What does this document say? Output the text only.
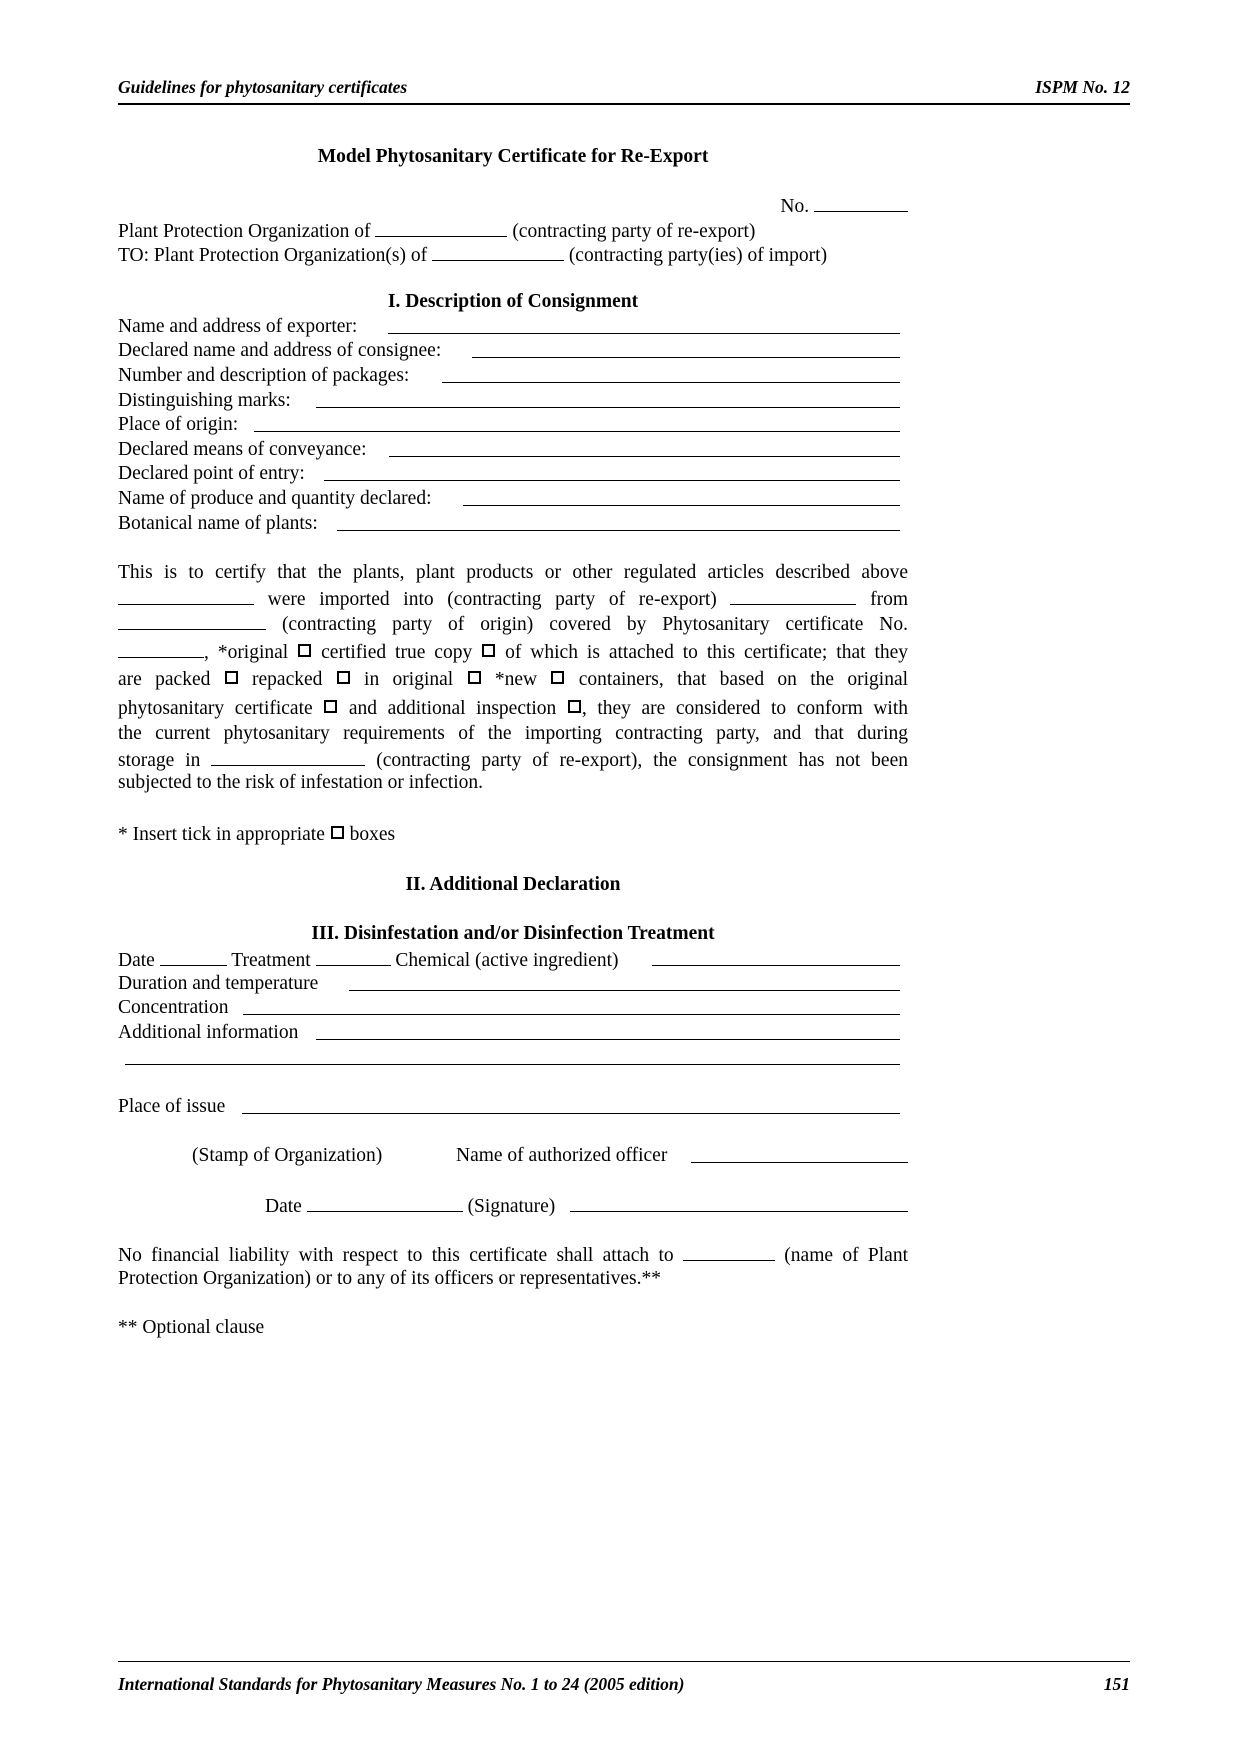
Guidelines for phytosanitary certificates	ISPM No. 12
Model Phytosanitary Certificate for Re-Export
No.
Plant Protection Organization of	(contracting party of re-export)
TO: Plant Protection Organization(s) of	(contracting party(ies) of import)
I. Description of Consignment
Name and address of exporter:
Declared name and address of consignee:
Number and description of packages:
Distinguishing marks:
Place of origin:
Declared means of conveyance:
Declared point of entry:
Name of produce and quantity declared:
Botanical name of plants:
This is to certify that the plants, plant products or other regulated articles described above
were imported into (contracting party of re-export)	from
(contracting party of origin) covered by Phytosanitary certificate No.
, *original certified true copy of which is attached to this certificate; that they
are packed repacked in original *new containers, that based on the original
phytosanitary certificate and additional inspection , they are considered to conform with
the current phytosanitary requirements of the importing contracting party, and that during
storage in	(contracting party of re-export), the consignment has not been
subjected to the risk of infestation or infection.
* Insert tick in appropriate boxes
II. Additional Declaration
III. Disinfestation and/or Disinfection Treatment
Date	Treatment	Chemical (active ingredient)
Duration and temperature
Concentration
Additional information
Place of issue
(Stamp of Organization)	Name of authorized officer
Date	(Signature)
No financial liability with respect to this certificate shall attach to	(name of Plant
Protection Organization) or to any of its officers or representatives.**
** Optional clause
International Standards for Phytosanitary Measures No. 1 to 24 (2005 edition)	151
